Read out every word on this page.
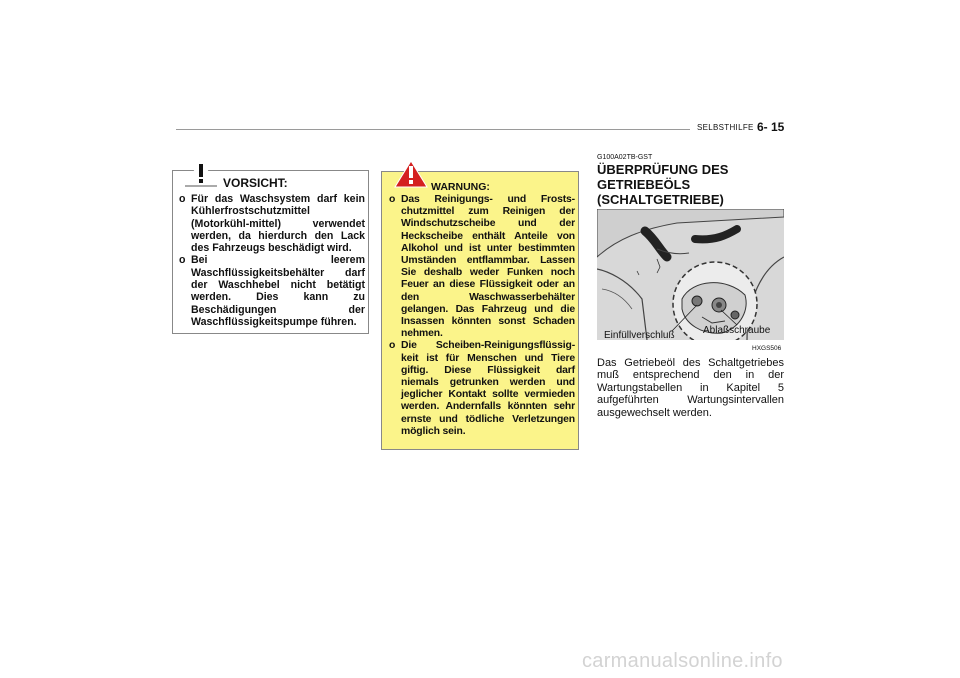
SELBSTHILFE 6- 15
VORSICHT:
o Für das Waschsystem darf kein Kühlerfrostschutzmittel (Motorkühl-mittel) verwendet werden, da hierdurch den Lack des Fahrzeugs beschädigt wird.
o Bei leerem Waschflüssigkeitsbehälter darf der Waschhebel nicht betätigt werden. Dies kann zu Beschädigungen der Waschflüssigkeitspumpe führen.
WARNUNG:
o Das Reinigungs- und Frosts-chutzmittel zum Reinigen der Windschutzscheibe und der Heckscheibe enthält Anteile von Alkohol und ist unter bestimmten Umständen entflammbar. Lassen Sie deshalb weder Funken noch Feuer an diese Flüssigkeit oder an den Waschwasserbehälter gelangen. Das Fahrzeug und die Insassen könnten sonst Schaden nehmen.
o Die Scheiben-Reinigungsflüssig-keit ist für Menschen und Tiere giftig. Diese Flüssigkeit darf niemals getrunken werden und jeglicher Kontakt sollte vermieden werden. Andernfalls könnten sehr ernste und tödliche Verletzungen möglich sein.
G100A02TB-GST
ÜBERPRÜFUNG DES GETRIEBEÖLS (SCHALTGETRIEBE)
Einfüllverschluß	Ablaßschraube
HXGS506
Das Getriebeöl des Schaltgetriebes muß entsprechend den in der Wartungstabellen in Kapitel 5 aufgeführten Wartungsintervallen ausgewechselt werden.
carmanualsonline.info
